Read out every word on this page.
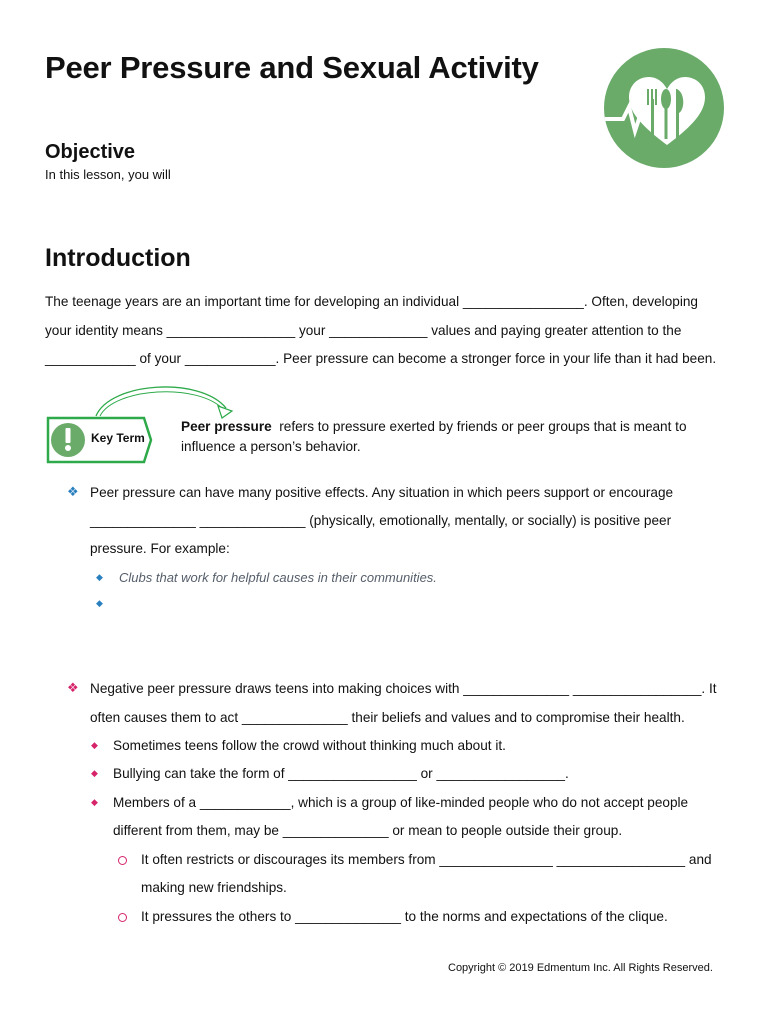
Peer Pressure and Sexual Activity
Objective
In this lesson, you will
Introduction
The teenage years are an important time for developing an individual ________________. Often, developing
your identity means _________________ your _____________ values and paying greater attention to the
____________ of your ____________. Peer pressure can become a stronger force in your life than it had been.
Key Term
Peer pressure refers to pressure exerted by friends or peer groups that is meant to
influence a person’s behavior.
❖ Peer pressure can have many positive effects. Any situation in which peers support or encourage
______________ ______________ (physically, emotionally, mentally, or socially) is positive peer
pressure. For example:
◆ Clubs that work for helpful causes in their communities.
◆
❖ Negative peer pressure draws teens into making choices with ______________ _________________. It
often causes them to act ______________ their beliefs and values and to compromise their health.
◆ Sometimes teens follow the crowd without thinking much about it.
◆ Bullying can take the form of _________________ or _________________.
◆ Members of a ____________, which is a group of like-minded people who do not accept people
different from them, may be ______________ or mean to people outside their group.
It often restricts or discourages its members from _______________ _________________ and
making new friendships.
It pressures the others to ______________ to the norms and expectations of the clique.
Copyright © 2019 Edmentum Inc. All Rights Reserved.
